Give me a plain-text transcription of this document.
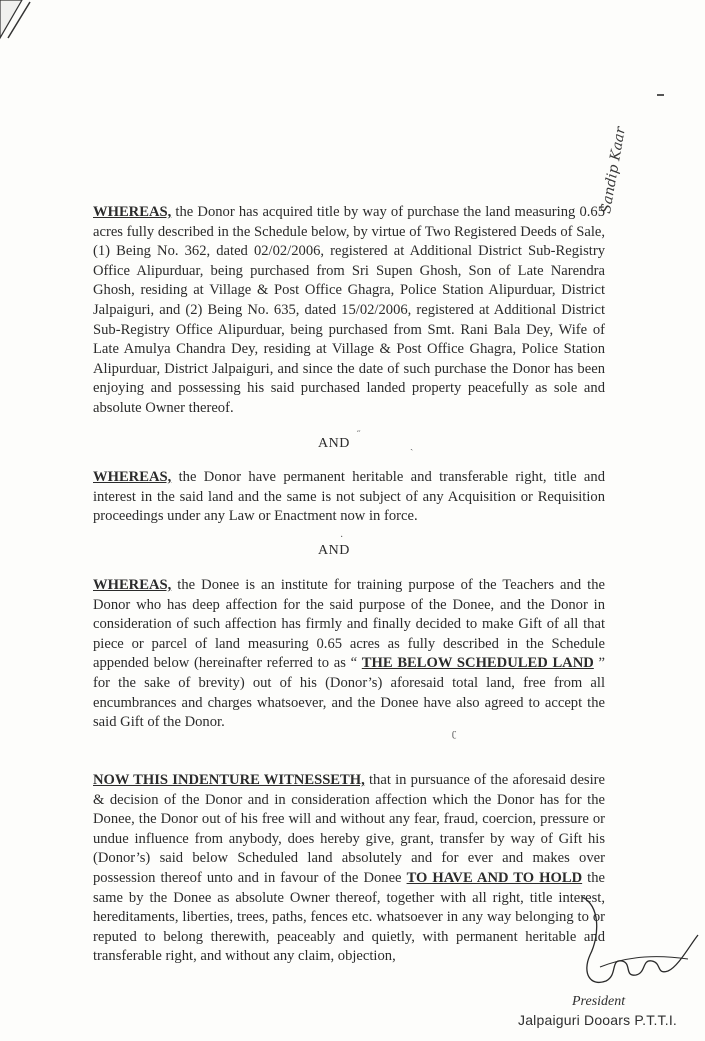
Sandip Kaar

WHEREAS, the Donor has acquired title by way of purchase the land measuring 0.65 acres fully described in the Schedule below, by virtue of Two Registered Deeds of Sale, (1) Being No. 362, dated 02/02/2006, registered at Additional District Sub-Registry Office Alipurduar, being purchased from Sri Supen Ghosh, Son of Late Narendra Ghosh, residing at Village & Post Office Ghagra, Police Station Alipurduar, District Jalpaiguri, and (2) Being No. 635, dated 15/02/2006, registered at Additional District Sub-Registry Office Alipurduar, being purchased from Smt. Rani Bala Dey, Wife of Late Amulya Chandra Dey, residing at Village & Post Office Ghagra, Police Station Alipurduar, District Jalpaiguri, and since the date of such purchase the Donor has been enjoying and possessing his said purchased landed property peacefully as sole and absolute Owner thereof.

AND
˝
ˏ

WHEREAS, the Donor have permanent heritable and transferable right, title and interest in the said land and the same is not subject of any Acquisition or Requisition proceedings under any Law or Enactment now in force.

AND
·

WHEREAS, the Donee is an institute for training purpose of the Teachers and the Donor who has deep affection for the said purpose of the Donee, and the Donor in consideration of such affection has firmly and finally decided to make Gift of all that piece or parcel of land measuring 0.65 acres as fully described in the Schedule appended below (hereinafter referred to as “ THE BELOW SCHEDULED LAND ” for the sake of brevity) out of his (Donor’s) aforesaid total land, free from all encumbrances and charges whatsoever, and the Donee have also agreed to accept the said Gift of the Donor.

ʗ

NOW THIS INDENTURE WITNESSETH, that in pursuance of the aforesaid desire & decision of the Donor and in consideration affection which the Donor has for the Donee, the Donor out of his free will and without any fear, fraud, coercion, pressure or undue influence from anybody, does hereby give, grant, transfer by way of Gift his (Donor’s) said below Scheduled land absolutely and for ever and makes over possession thereof unto and in favour of the Donee TO HAVE AND TO HOLD the same by the Donee as absolute Owner thereof, together with all right, title interest, hereditaments, liberties, trees, paths, fences etc. whatsoever in any way belonging to or reputed to belong therewith, peaceably and quietly, with permanent heritable and transferable right, and without any claim, objection,

President
Jalpaiguri Dooars P.T.T.I.
